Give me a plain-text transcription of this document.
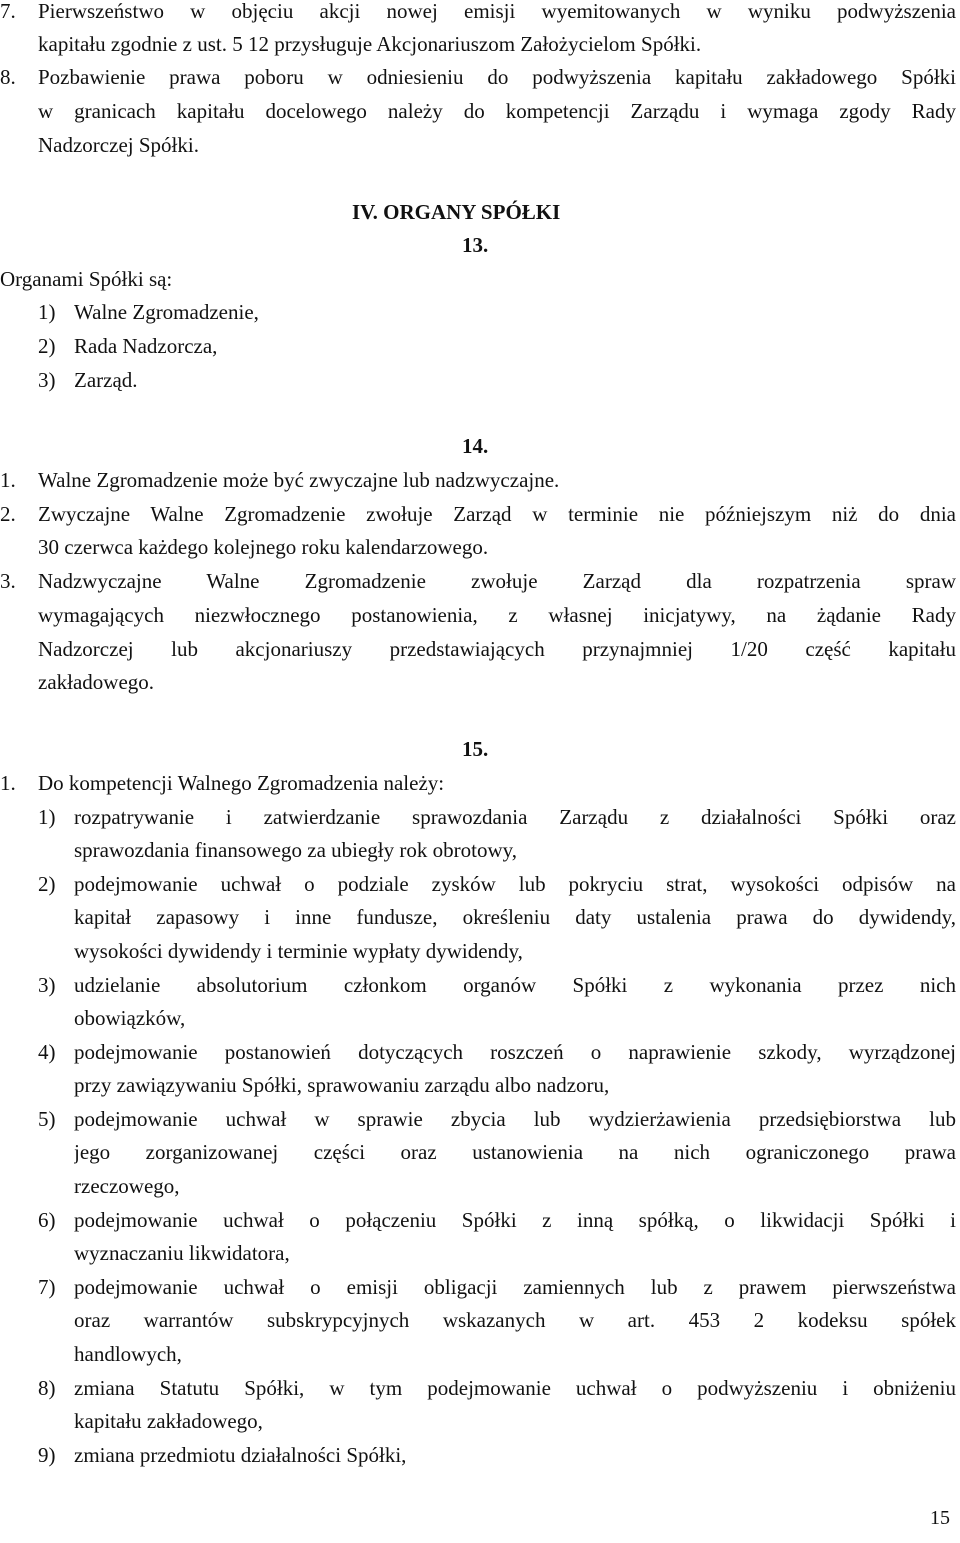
7. Pierwszeństwo w objęciu akcji nowej emisji wyemitowanych w wyniku podwyższenia
kapitału zgodnie z ust. 5 12 przysługuje Akcjonariuszom Założycielom Spółki.
8. Pozbawienie prawa poboru w odniesieniu do podwyższenia kapitału zakładowego Spółki
w granicach kapitału docelowego należy do kompetencji Zarządu i wymaga zgody Rady
Nadzorczej Spółki.
IV. ORGANY SPÓŁKI
13.
Organami Spółki są:
1) Walne Zgromadzenie,
2) Rada Nadzorcza,
3) Zarząd.
14.
1. Walne Zgromadzenie może być zwyczajne lub nadzwyczajne.
2. Zwyczajne Walne Zgromadzenie zwołuje Zarząd w terminie nie późniejszym niż do dnia
30 czerwca każdego kolejnego roku kalendarzowego.
3. Nadzwyczajne Walne Zgromadzenie zwołuje Zarząd dla rozpatrzenia spraw
wymagających niezwłocznego postanowienia, z własnej inicjatywy, na żądanie Rady
Nadzorczej lub akcjonariuszy przedstawiających przynajmniej 1/20 część kapitału
zakładowego.
15.
1. Do kompetencji Walnego Zgromadzenia należy:
1) rozpatrywanie i zatwierdzanie sprawozdania Zarządu z działalności Spółki oraz
sprawozdania finansowego za ubiegły rok obrotowy,
2) podejmowanie uchwał o podziale zysków lub pokryciu strat, wysokości odpisów na
kapitał zapasowy i inne fundusze, określeniu daty ustalenia prawa do dywidendy,
wysokości dywidendy i terminie wypłaty dywidendy,
3) udzielanie absolutorium członkom organów Spółki z wykonania przez nich
obowiązków,
4) podejmowanie postanowień dotyczących roszczeń o naprawienie szkody, wyrządzonej
przy zawiązywaniu Spółki, sprawowaniu zarządu albo nadzoru,
5) podejmowanie uchwał w sprawie zbycia lub wydzierżawienia przedsiębiorstwa lub
jego zorganizowanej części oraz ustanowienia na nich ograniczonego prawa
rzeczowego,
6) podejmowanie uchwał o połączeniu Spółki z inną spółką, o likwidacji Spółki i
wyznaczaniu likwidatora,
7) podejmowanie uchwał o emisji obligacji zamiennych lub z prawem pierwszeństwa
oraz warrantów subskrypcyjnych wskazanych w art. 453 2 kodeksu spółek
handlowych,
8) zmiana Statutu Spółki, w tym podejmowanie uchwał o podwyższeniu i obniżeniu
kapitału zakładowego,
9) zmiana przedmiotu działalności Spółki,
15
